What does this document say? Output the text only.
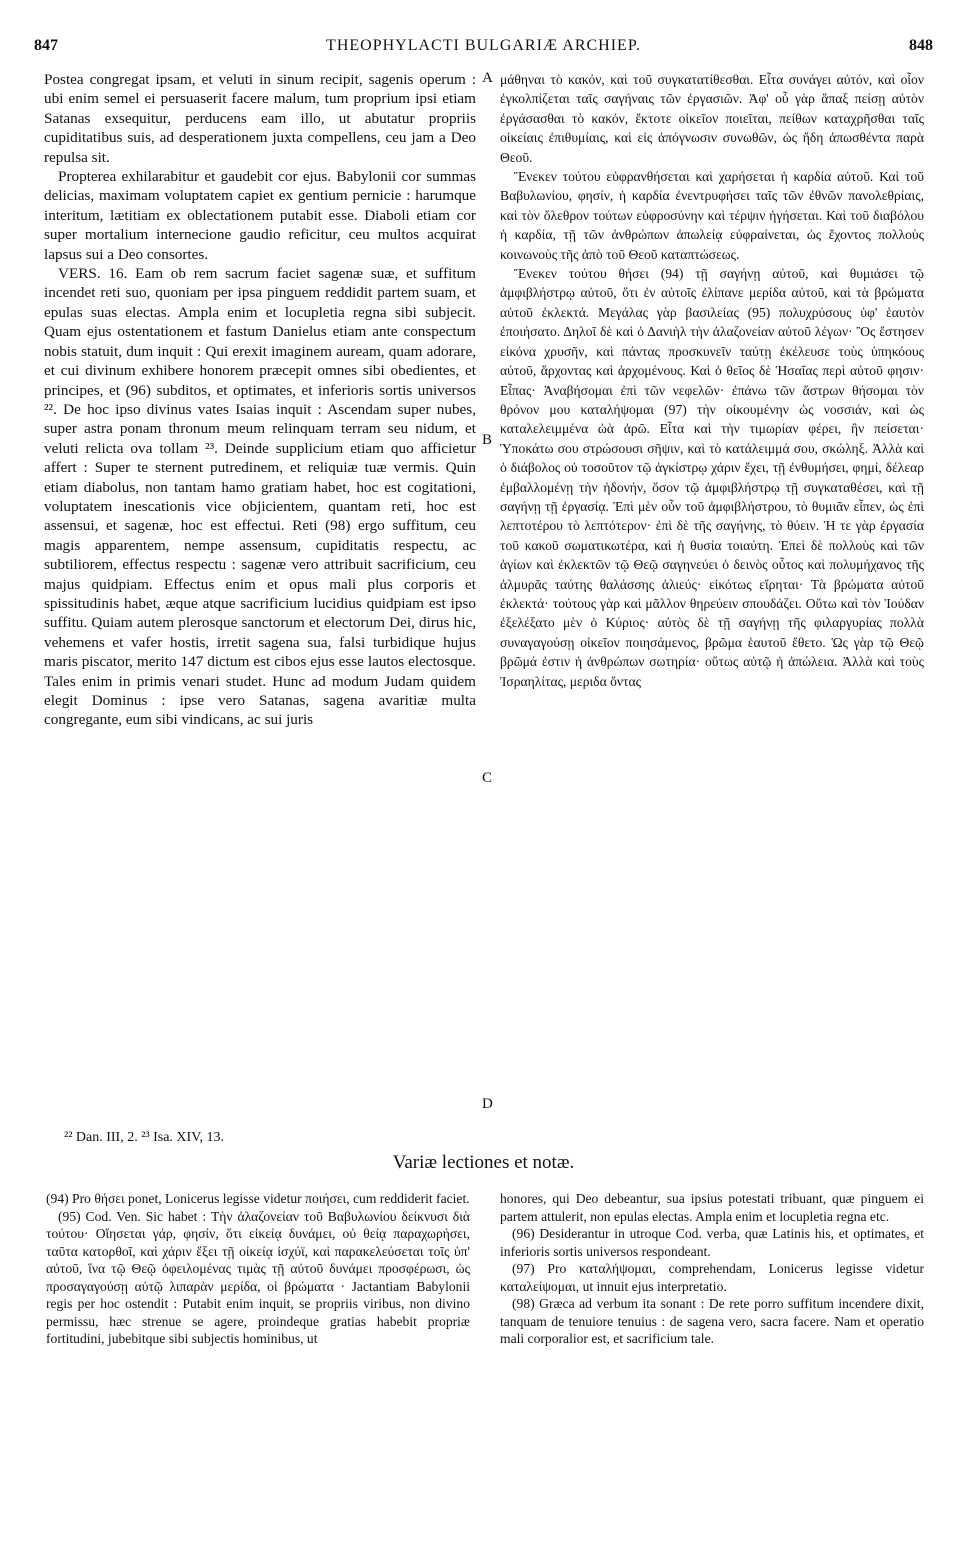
847	THEOPHYLACTI BULGARIÆ ARCHIEP.	848

Postea congregat ipsam, et veluti in sinum recipit, sagenis operum : ubi enim semel ei persuaserit facere malum, tum proprium ipsi etiam Satanas exsequitur, perducens eam illo, ut abutatur propriis cupiditatibus suis, ad desperationem juxta compellens, ceu jam a Deo repulsa sit.

Propterea exhilarabitur et gaudebit cor ejus. Babylonii cor summas delicias, maximam voluptatem capiet ex gentium pernicie : harumque interitum, lætitiam ex oblectationem putabit esse. Diaboli etiam cor super mortalium internecione gaudio reficitur, ceu multos acquirat lapsus sui a Deo consortes.

VERS. 16. Eam ob rem sacrum faciet sagenæ suæ, et suffitum incendet reti suo, quoniam per ipsa pinguem reddidit partem suam, et epulas suas electas. Ampla enim et locupletia regna sibi subjecit. Quam ejus ostentationem et fastum Danielus etiam ante conspectum nobis statuit, dum inquit : Qui erexit imaginem auream, quam adorare, et cui divinum exhibere honorem præcepit omnes sibi obedientes, et principes, et (96) subditos, et optimates, et inferioris sortis universos ²². De hoc ipso divinus vates Isaias inquit : Ascendam super nubes, super astra ponam thronum meum relinquam terram seu nidum, et veluti relicta ova tollam ²³. Deinde supplicium etiam quo afficietur affert : Super te sternent putredinem, et reliquiæ tuæ vermis. Quin etiam diabolus, non tantam hamo gratiam habet, hoc est cogitationi, voluptatem inescationis vice objicientem, quantam reti, hoc est assensui, et sagenæ, hoc est effectui. Reti (98) ergo suffitum, ceu magis apparentem, nempe assensum, cupiditatis respectu, ac subtiliorem, effectus respectu : sagenæ vero attribuit sacrificium, ceu majus quidpiam. Effectus enim et opus mali plus corporis et spissitudinis habet, æque atque sacrificium lucidius quidpiam est ipso suffitu. Quiam autem plerosque sanctorum et electorum Dei, dirus hic, vehemens et vafer hostis, irretit sagena sua, falsi turbidique hujus maris piscator, merito 147 dictum est cibos ejus esse lautos electosque. Tales enim in primis venari studet. Hunc ad modum Judam quidem elegit Dominus : ipse vero Satanas, sagena avaritiæ multa congregante, eum sibi vindicans, ac sui juris

A
B
C
D

μάθηναι τὸ κακόν, καὶ τοῦ συγκατατίθεσθαι. Εἶτα συνάγει αὐτόν, καὶ οἷον ἐγκολπίζεται ταῖς σαγήναις τῶν ἐργασιῶν. Ἀφ' οὗ γὰρ ἅπαξ πείσῃ αὐτὸν ἐργάσασθαι τὸ κακόν, ἔκτοτε οἰκεῖον ποιεῖται, πείθων καταχρῆσθαι ταῖς οἰκείαις ἐπιθυμίαις, καὶ εἰς ἀπόγνωσιν συνωθῶν, ὡς ἤδη ἀπωσθέντα παρὰ Θεοῦ.

Ἕνεκεν τούτου εὐφρανθήσεται καὶ χαρήσεται ἡ καρδία αὐτοῦ. Καὶ τοῦ Βαβυλωνίου, φησίν, ἡ καρδία ἐνεντρυφήσει ταῖς τῶν ἐθνῶν πανολεθρίαις, καὶ τὸν ὄλεθρον τούτων εὐφροσύνην καὶ τέρψιν ἡγήσεται. Καὶ τοῦ διαβόλου ἡ καρδία, τῇ τῶν ἀνθρώπων ἀπωλείᾳ εὐφραίνεται, ὡς ἔχοντος πολλοὺς κοινωνοὺς τῆς ἀπὸ τοῦ Θεοῦ καταπτώσεως.

Ἕνεκεν τούτου θήσει (94) τῇ σαγήνῃ αὐτοῦ, καὶ θυμιάσει τῷ ἀμφιβλήστρῳ αὐτοῦ, ὅτι ἐν αὐτοῖς ἐλίπανε μερίδα αὐτοῦ, καὶ τὰ βρώματα αὐτοῦ ἐκλεκτά. Μεγάλας γὰρ βασιλείας (95) πολυχρύσους ὑφ' ἑαυτὸν ἐποιήσατο. Δηλοῖ δὲ καὶ ὁ Δανιὴλ τὴν ἀλαζονείαν αὐτοῦ λέγων· Ὃς ἔστησεν εἰκόνα χρυσῆν, καὶ πάντας προσκυνεῖν ταύτῃ ἐκέλευσε τοὺς ὑπηκόους αὐτοῦ, ἄρχοντας καὶ ἀρχομένους. Καὶ ὁ θεῖος δὲ Ἡσαΐας περὶ αὐτοῦ φησιν· Εἶπας· Ἀναβήσομαι ἐπὶ τῶν νεφελῶν· ἐπάνω τῶν ἄστρων θήσομαι τὸν θρόνον μου καταλήψομαι (97) τὴν οἰκουμένην ὡς νοσσιάν, καὶ ὡς καταλελειμμένα ὠὰ ἀρῶ. Εἶτα καὶ τὴν τιμωρίαν φέρει, ἣν πείσεται· Ὑποκάτω σου στρώσουσι σῆψιν, καὶ τὸ κατάλειμμά σου, σκώληξ. Ἀλλὰ καὶ ὁ διάβολος οὐ τοσοῦτον τῷ ἀγκίστρῳ χάριν ἔχει, τῇ ἐνθυμήσει, φημί, δέλεαρ ἐμβαλλομένῃ τὴν ἡδονήν, ὅσον τῷ ἀμφιβλήστρῳ τῇ συγκαταθέσει, καὶ τῇ σαγήνῃ τῇ ἐργασίᾳ. Ἐπὶ μὲν οὖν τοῦ ἀμφιβλήστρου, τὸ θυμιᾶν εἶπεν, ὡς ἐπὶ λεπτοτέρου τὸ λεπτότερον· ἐπὶ δὲ τῆς σαγήνης, τὸ θύειν. Ἡ τε γὰρ ἐργασία τοῦ κακοῦ σωματικωτέρα, καὶ ἡ θυσία τοιαύτη. Ἐπεὶ δὲ πολλοὺς καὶ τῶν ἁγίων καὶ ἐκλεκτῶν τῷ Θεῷ σαγηνεύει ὁ δεινὸς οὗτος καὶ πολυμήχανος τῆς ἁλμυρᾶς ταύτης θαλάσσης ἁλιεύς· εἰκότως εἴρηται· Τὰ βρώματα αὐτοῦ ἐκλεκτά· τούτους γὰρ καὶ μᾶλλον θηρεύειν σπουδάζει. Οὕτω καὶ τὸν Ἰούδαν ἐξελέξατο μὲν ὁ Κύριος· αὐτὸς δὲ τῇ σαγήνῃ τῆς φιλαργυρίας πολλὰ συναγαγούσῃ οἰκεῖον ποιησάμενος, βρῶμα ἑαυτοῦ ἔθετο. Ὡς γὰρ τῷ Θεῷ βρῶμά ἐστιν ἡ ἀνθρώπων σωτηρία· οὕτως αὐτῷ ἡ ἀπώλεια. Ἀλλὰ καὶ τοὺς Ἰσραηλίτας, μεριδα ὄντας

²² Dan. III, 2. ²³ Isa. XIV, 13.
Variæ lectiones et notæ.

(94) Pro θήσει ponet, Lonicerus legisse videtur ποιήσει, cum reddiderit faciet.

(95) Cod. Ven. Sic habet : Τὴν ἀλαζονείαν τοῦ Βαβυλωνίου δείκνυσι διὰ τούτου· Οἴησεται γάρ, φησίν, ὅτι εἰκείᾳ δυνάμει, οὐ θείᾳ παραχωρήσει, ταῦτα κατορθοῖ, καὶ χάριν ἕξει τῇ οἰκείᾳ ἰσχύϊ, καὶ παρακελεύσεται τοῖς ὑπ' αὐτοῦ, ἵνα τῷ Θεῷ ὀφειλομένας τιμὰς τῇ αὐτοῦ δυνάμει προσφέρωσι, ὡς προσαγαγούσῃ αὐτῷ λιπαρὰν μερίδα, οἱ βρώματα · Jactantiam Babylonii regis per hoc ostendit : Putabit enim inquit, se propriis viribus, non divino permissu, hæc strenue se agere, proindeque gratias habebit propriæ fortitudini, jubebitque sibi subjectis hominibus, ut

honores, qui Deo debeantur, sua ipsius potestati tribuant, quæ pinguem ei partem attulerit, non epulas electas. Ampla enim et locupletia regna etc.

(96) Desiderantur in utroque Cod. verba, quæ Latinis his, et optimates, et inferioris sortis universos respondeant.

(97) Pro καταλήψομαι, comprehendam, Lonicerus legisse videtur καταλείψομαι, ut innuit ejus interpretatio.

(98) Græca ad verbum ita sonant : De rete porro suffitum incendere dixit, tanquam de tenuiore tenuius : de sagena vero, sacra facere. Nam et operatio mali corporalior est, et sacrificium tale.
